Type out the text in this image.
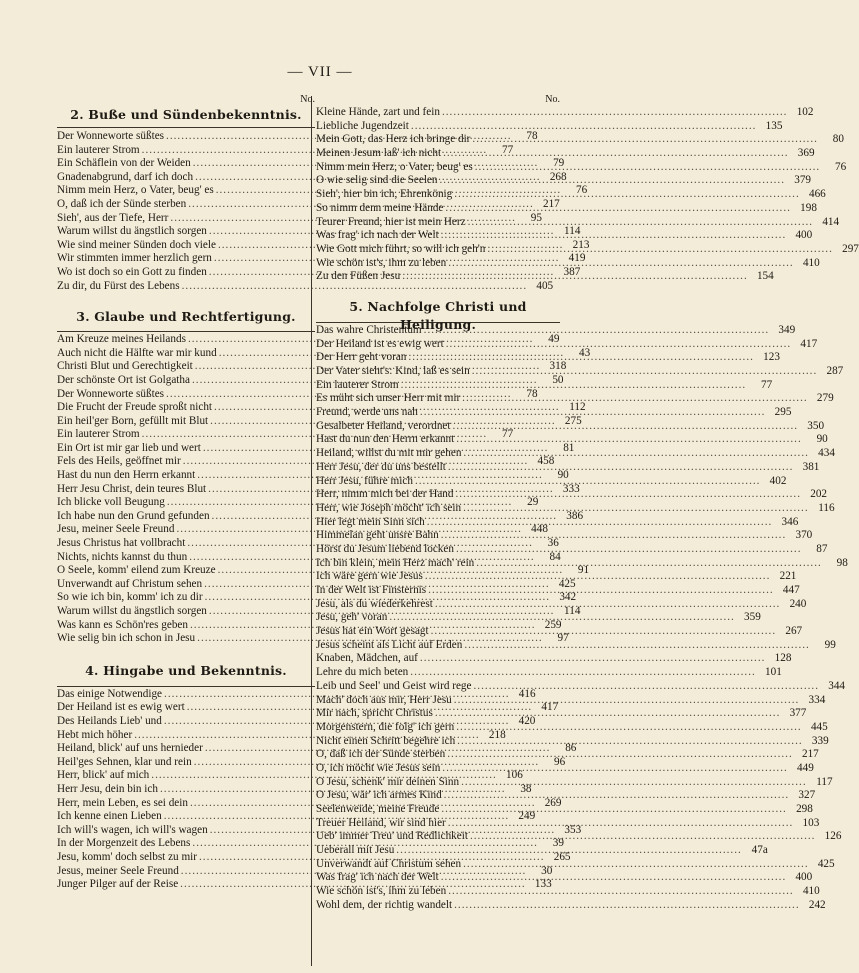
— VII —
No.
2. Buße und Sündenbekenntnis.
Der Wonneworte süßtes .....	78
Ein lauterer Strom .....	77
Ein Schäflein von der Weiden .....	79
Gnadenabgrund, darf ich doch .....	268
Nimm mein Herz, o Vater, beug' es .....	76
O, daß ich der Sünde sterben .....	217
Sieh', aus der Tiefe, Herr .....	95
Warum willst du ängstlich sorgen .....	114
Wie sind meiner Sünden doch viele .....	213
Wir stimmten immer herzlich gern .....	419
Wo ist doch so ein Gott zu finden .....	387
Zu dir, du Fürst des Lebens .....	405
3. Glaube und Rechtfertigung.
Am Kreuze meines Heilands .....	49
Auch nicht die Hälfte war mir kund .....	43
Christi Blut und Gerechtigkeit .....	318
Der schönste Ort ist Golgatha .....	50
Der Wonneworte süßtes .....	78
Die Frucht der Freude sproßt nicht .....	112
Ein heil'ger Born, gefüllt mit Blut .....	275
Ein lauterer Strom .....	77
Ein Ort ist mir gar lieb und wert .....	81
Fels des Heils, geöffnet mir .....	458
Hast du nun den Herrn erkannt .....	90
Herr Jesu Christ, dein teures Blut .....	333
Ich blicke voll Beugung .....	29
Ich habe nun den Grund gefunden .....	386
Jesu, meiner Seele Freund .....	448
Jesus Christus hat vollbracht .....	36
Nichts, nichts kannst du thun .....	84
O Seele, komm' eilend zum Kreuze .....	91
Unverwandt auf Christum sehen .....	425
So wie ich bin, komm' ich zu dir .....	342
Warum willst du ängstlich sorgen .....	114
Was kann es Schön'res geben .....	259
Wie selig bin ich schon in Jesu .....	97
4. Hingabe und Bekenntnis.
Das einige Notwendige .....	416
Der Heiland ist es ewig wert .....	417
Des Heilands Lieb' und .....	420
Hebt mich höher .....	218
Heiland, blick' auf uns hernieder .....	86
Heil'ges Sehnen, klar und rein .....	96
Herr, blick' auf mich .....	106
Herr Jesu, dein bin ich .....	38
Herr, mein Leben, es sei dein .....	269
Ich kenne einen Lieben .....	249
Ich will's wagen, ich will's wagen .....	353
In der Morgenzeit des Lebens .....	39
Jesu, komm' doch selbst zu mir .....	265
Jesus, meiner Seele Freund .....	30
Junger Pilger auf der Reise .....	133
No.
Kleine Hände, zart und fein .....	102
Liebliche Jugendzeit .....	135
Mein Gott, das Herz ich bringe dir .....	80
Meinen Jesum laß' ich nicht .....	369
Nimm mein Herz, o Vater, beug' es .....	76
O wie selig sind die Seelen .....	379
Sieh', hier bin ich, Ehrenkönig .....	466
So nimm denn meine Hände .....	198
Teurer Freund, hier ist mein Herz .....	414
Was frag' ich nach der Welt .....	400
Wie Gott mich führt, so will ich geh'n .....	297
Wie schön ist's, ihm zu leben .....	410
Zu den Füßen Jesu .....	154
5. Nachfolge Christi und Heiligung.
Das wahre Christentum .....	349
Der Heiland ist es ewig wert .....	417
Der Herr geht voran .....	123
Der Vater sieht's: Kind, laß es sein .....	287
Ein lauterer Strom .....	77
Es müht sich unser Herr mit mir .....	279
Freund, werde uns nah .....	295
Gesalbeter Heiland, verordnet .....	350
Hast du nun den Herrn erkannt .....	90
Heiland, willst du mit mir gehen .....	434
Herr Jesu, der du uns bestellt .....	381
Herr Jesu, führe mich .....	402
Herr, nimm mich bei der Hand .....	202
Herr, wie Joseph möcht' ich sein .....	116
Hier legt mein Sinn sich .....	346
Himmelan geht unsre Bahn .....	370
Hörst du Jesum liebend locken .....	87
Ich bin klein, mein Herz mach' rein .....	98
Ich wäre gern wie Jesus .....	221
In der Welt ist Finsternis .....	447
Jesu, als du wiederkehrest .....	240
Jesu, geh' voran .....	359
Jesus hat ein Wort gesagt .....	267
Jesus scheint als Licht auf Erden .....	99
Knaben, Mädchen, auf .....	128
Lehre du mich beten .....	101
Leib und Seel' und Geist wird rege .....	344
Mach' doch aus mir, Herr Jesu .....	334
Mir nach, spricht Christus .....	377
Morgenstern, die folg' ich gern .....	445
Nicht einen Schritt begehre ich .....	339
O, daß ich der Sünde sterben .....	217
O, ich möcht wie Jesus sein .....	449
O Jesu, schenk' mir deinen Sinn .....	117
O Jesu, wär' ich armes Kind .....	327
Seelenweide, meine Freude .....	298
Treuer Heiland, wir sind hier .....	103
Ueb' immer Treu' und Redlichkeit .....	126
Ueberall mit Jesu .....	47a
Unverwandt auf Christum sehen .....	425
Was frag' ich nach der Welt .....	400
Wie schön ist's, ihm zu leben .....	410
Wohl dem, der richtig wandelt .....	242
